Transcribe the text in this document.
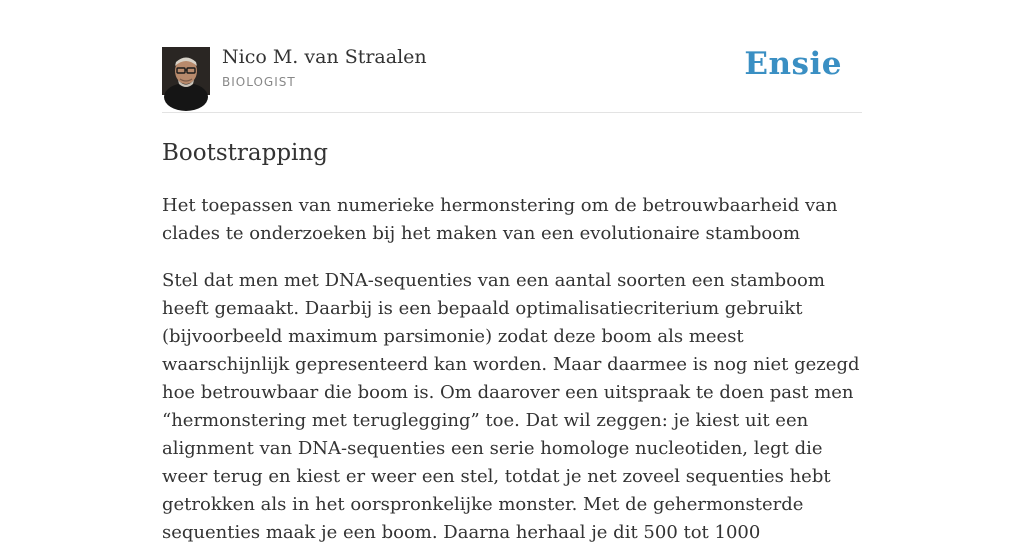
Nico M. van Straalen
BIOLOGIST	Ensie
Bootstrapping

Het toepassen van numerieke hermonstering om de betrouwbaarheid van clades te onderzoeken bij het maken van een evolutionaire stamboom

Stel dat men met DNA-sequenties van een aantal soorten een stamboom heeft gemaakt. Daarbij is een bepaald optimalisatiecriterium gebruikt (bijvoorbeeld maximum parsimonie) zodat deze boom als meest waarschijnlijk gepresenteerd kan worden. Maar daarmee is nog niet gezegd hoe betrouwbaar die boom is. Om daarover een uitspraak te doen past men “hermonstering met teruglegging” toe. Dat wil zeggen: je kiest uit een alignment van DNA-sequenties een serie homologe nucleotiden, legt die weer terug en kiest er weer een stel, totdat je net zoveel sequenties hebt getrokken als in het oorspronkelijke monster. Met de gehermonsterde sequenties maak je een boom. Daarna herhaal je dit 500 tot 1000
